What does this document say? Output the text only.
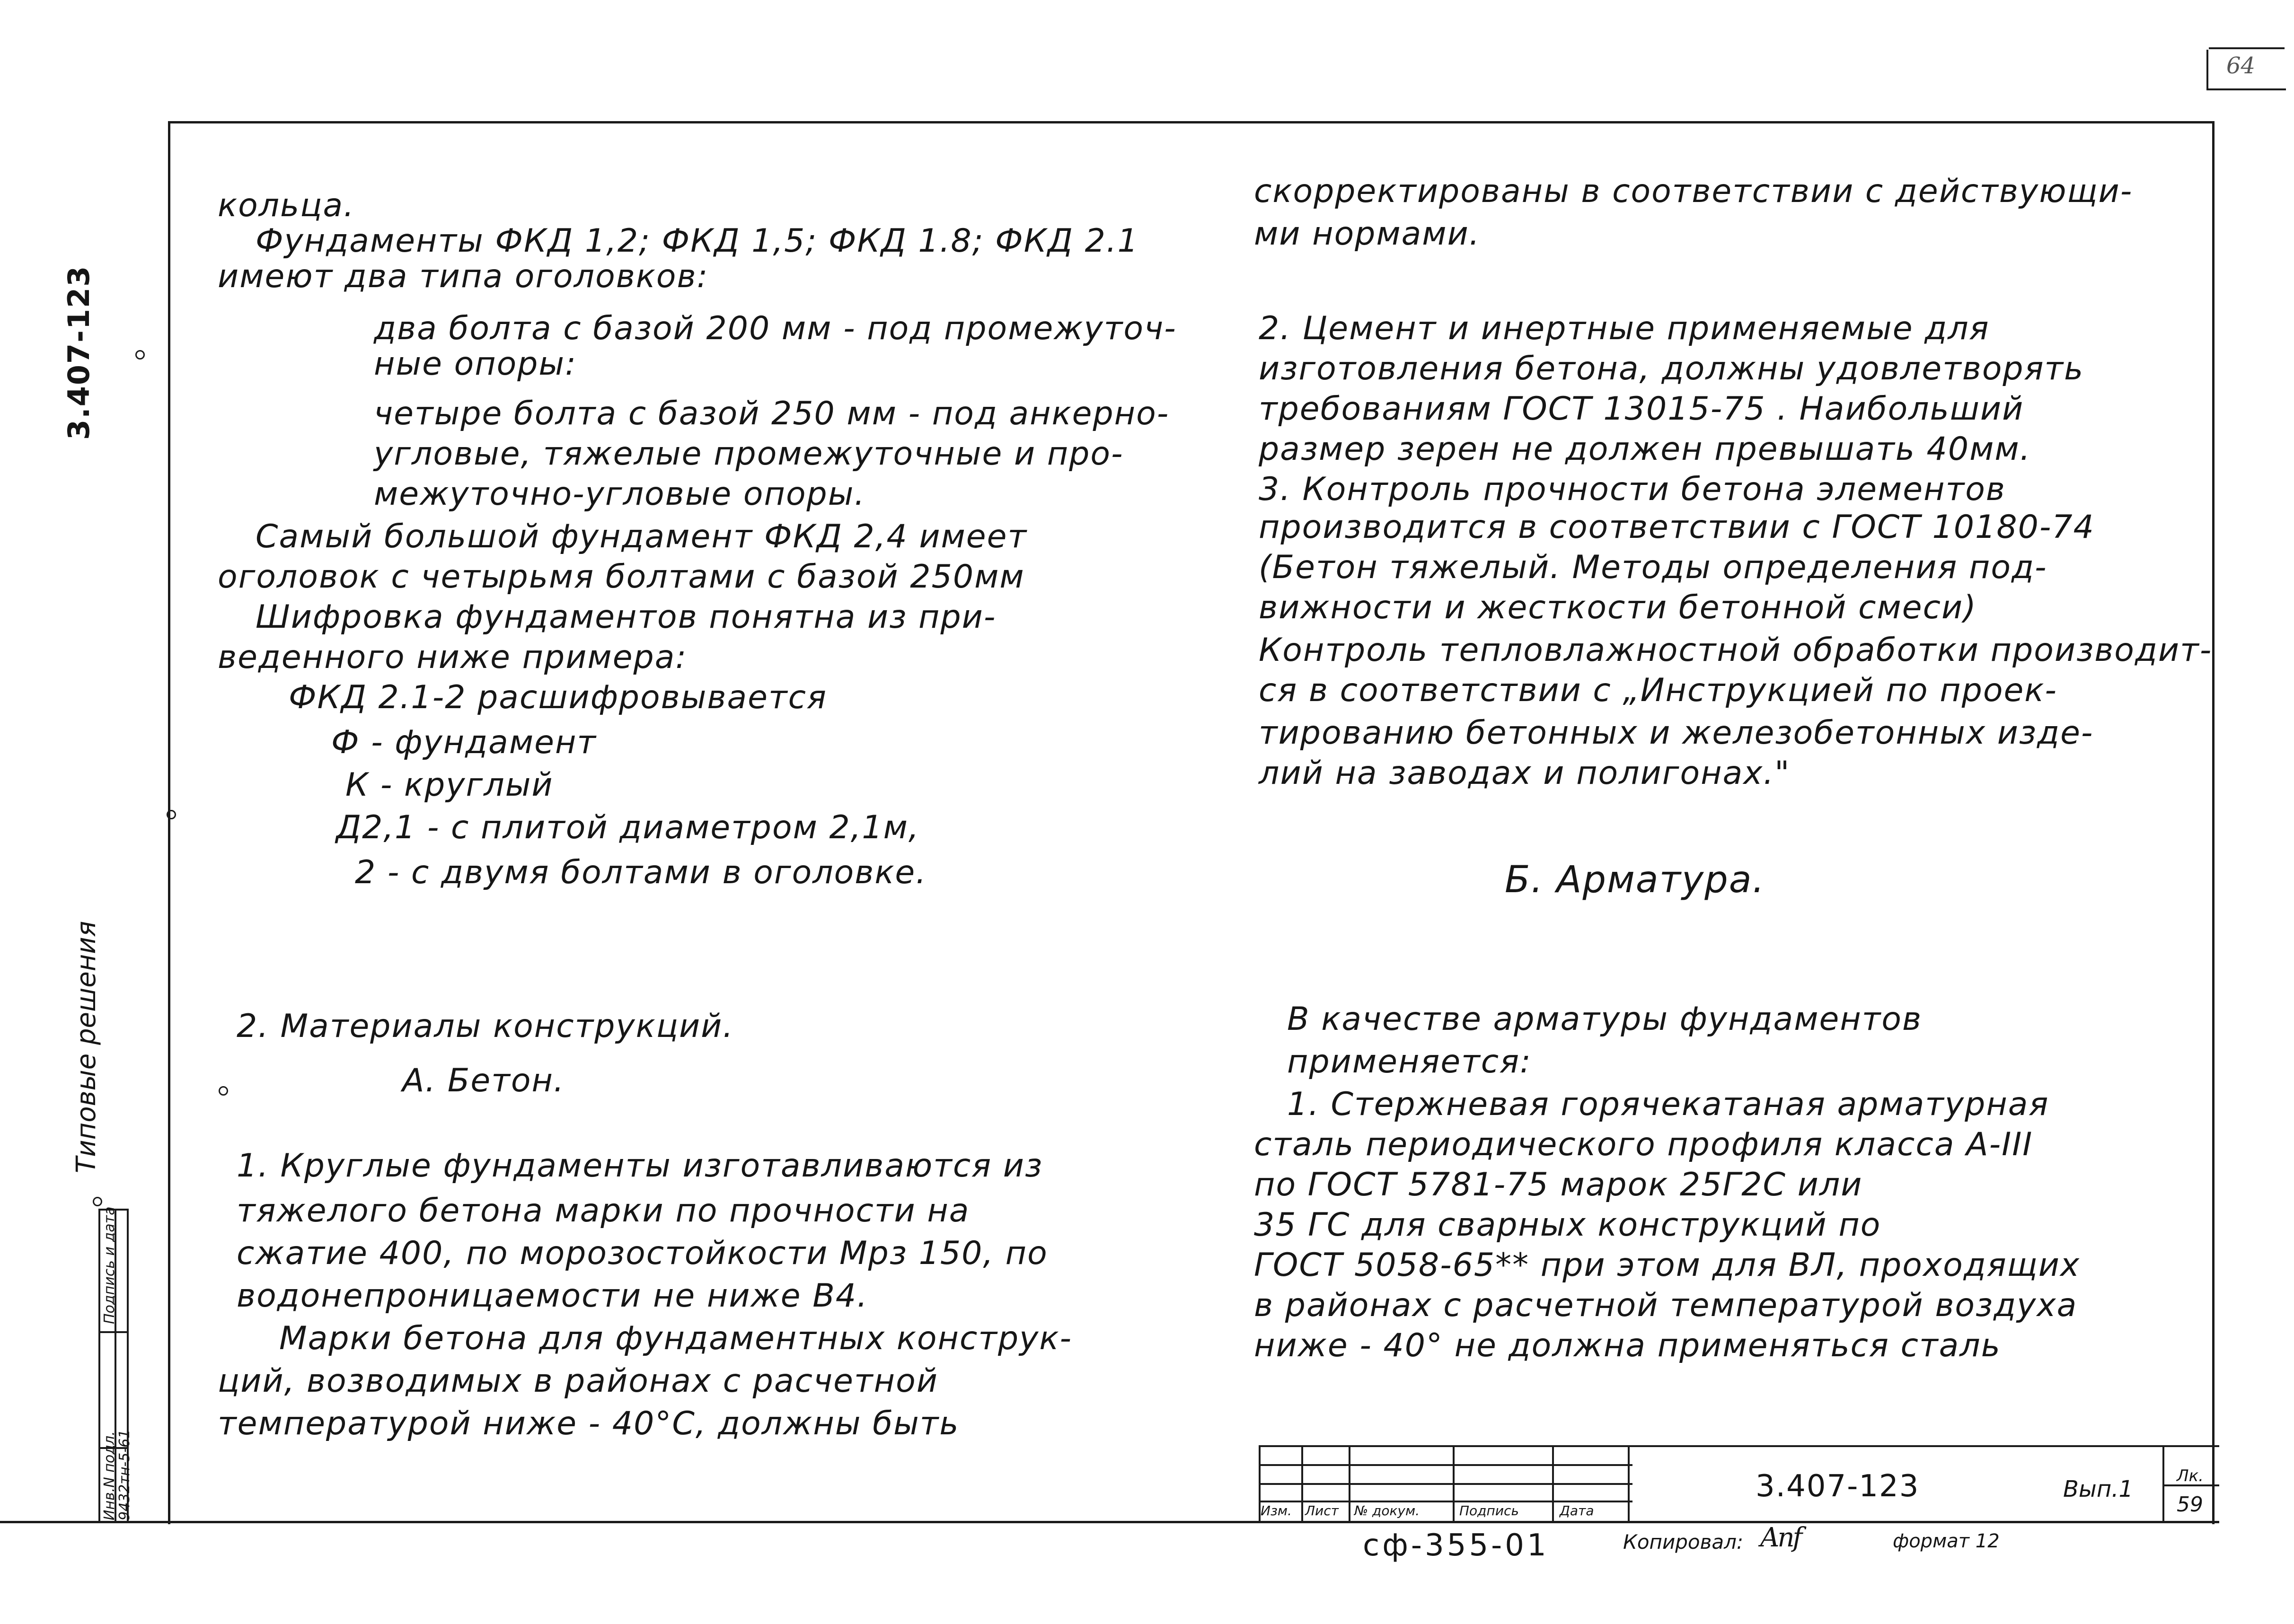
64
3.407-123
Типовые решения
Подпись и дата
Инв.N подл.
9432тн-5-61
кольца.
Фундаменты ФКД 1,2; ФКД 1,5; ФКД 1.8; ФКД 2.1
имеют два типа оголовков:
два болта с базой 200 мм - под промежуточ-
ные опоры:
четыре болта с базой 250 мм - под анкерно-
угловые, тяжелые промежуточные и про-
межуточно-угловые опоры.
Самый большой фундамент ФКД 2,4 имеет
оголовок с четырьмя болтами с базой 250мм
Шифровка фундаментов понятна из при-
веденного ниже примера:
ФКД 2.1-2 расшифровывается
Ф - фундамент
К - круглый
Д2,1 - с плитой диаметром 2,1м,
2 - с двумя болтами в оголовке.
2. Материалы конструкций.
А. Бетон.
1. Круглые фундаменты изготавливаются из
тяжелого бетона марки по прочности на
сжатие 400, по морозостойкости Мрз 150, по
водонепроницаемости не ниже В4.
Марки бетона для фундаментных конструк-
ций, возводимых в районах с расчетной
температурой ниже - 40°С, должны быть
скорректированы в соответствии с действующи-
ми нормами.
2. Цемент и инертные применяемые для
изготовления бетона, должны удовлетворять
требованиям ГОСТ 13015-75 . Наибольший
размер зерен не должен превышать 40мм.
3. Контроль прочности бетона элементов
производится в соответствии с ГОСТ 10180-74
(Бетон тяжелый. Методы определения под-
вижности и жесткости бетонной смеси)
Контроль тепловлажностной обработки производит-
ся в соответствии с „Инструкцией по проек-
тированию бетонных и железобетонных изде-
лий на заводах и полигонах."
Б. Арматура.
В качестве арматуры фундаментов
применяется:
1. Стержневая горячекатаная арматурная
сталь периодического профиля класса А-III
по ГОСТ 5781-75 марок 25Г2С или
35 ГС для сварных конструкций по
ГОСТ 5058-65** при этом для ВЛ, проходящих
в районах с расчетной температурой воздуха
ниже - 40° не должна применяться сталь
Изм. Лист № докум.	Подпись	Дата
3.407-123	Вып.1	Лк.
59
сф-355-01	Копировал: Anf	формат 12
